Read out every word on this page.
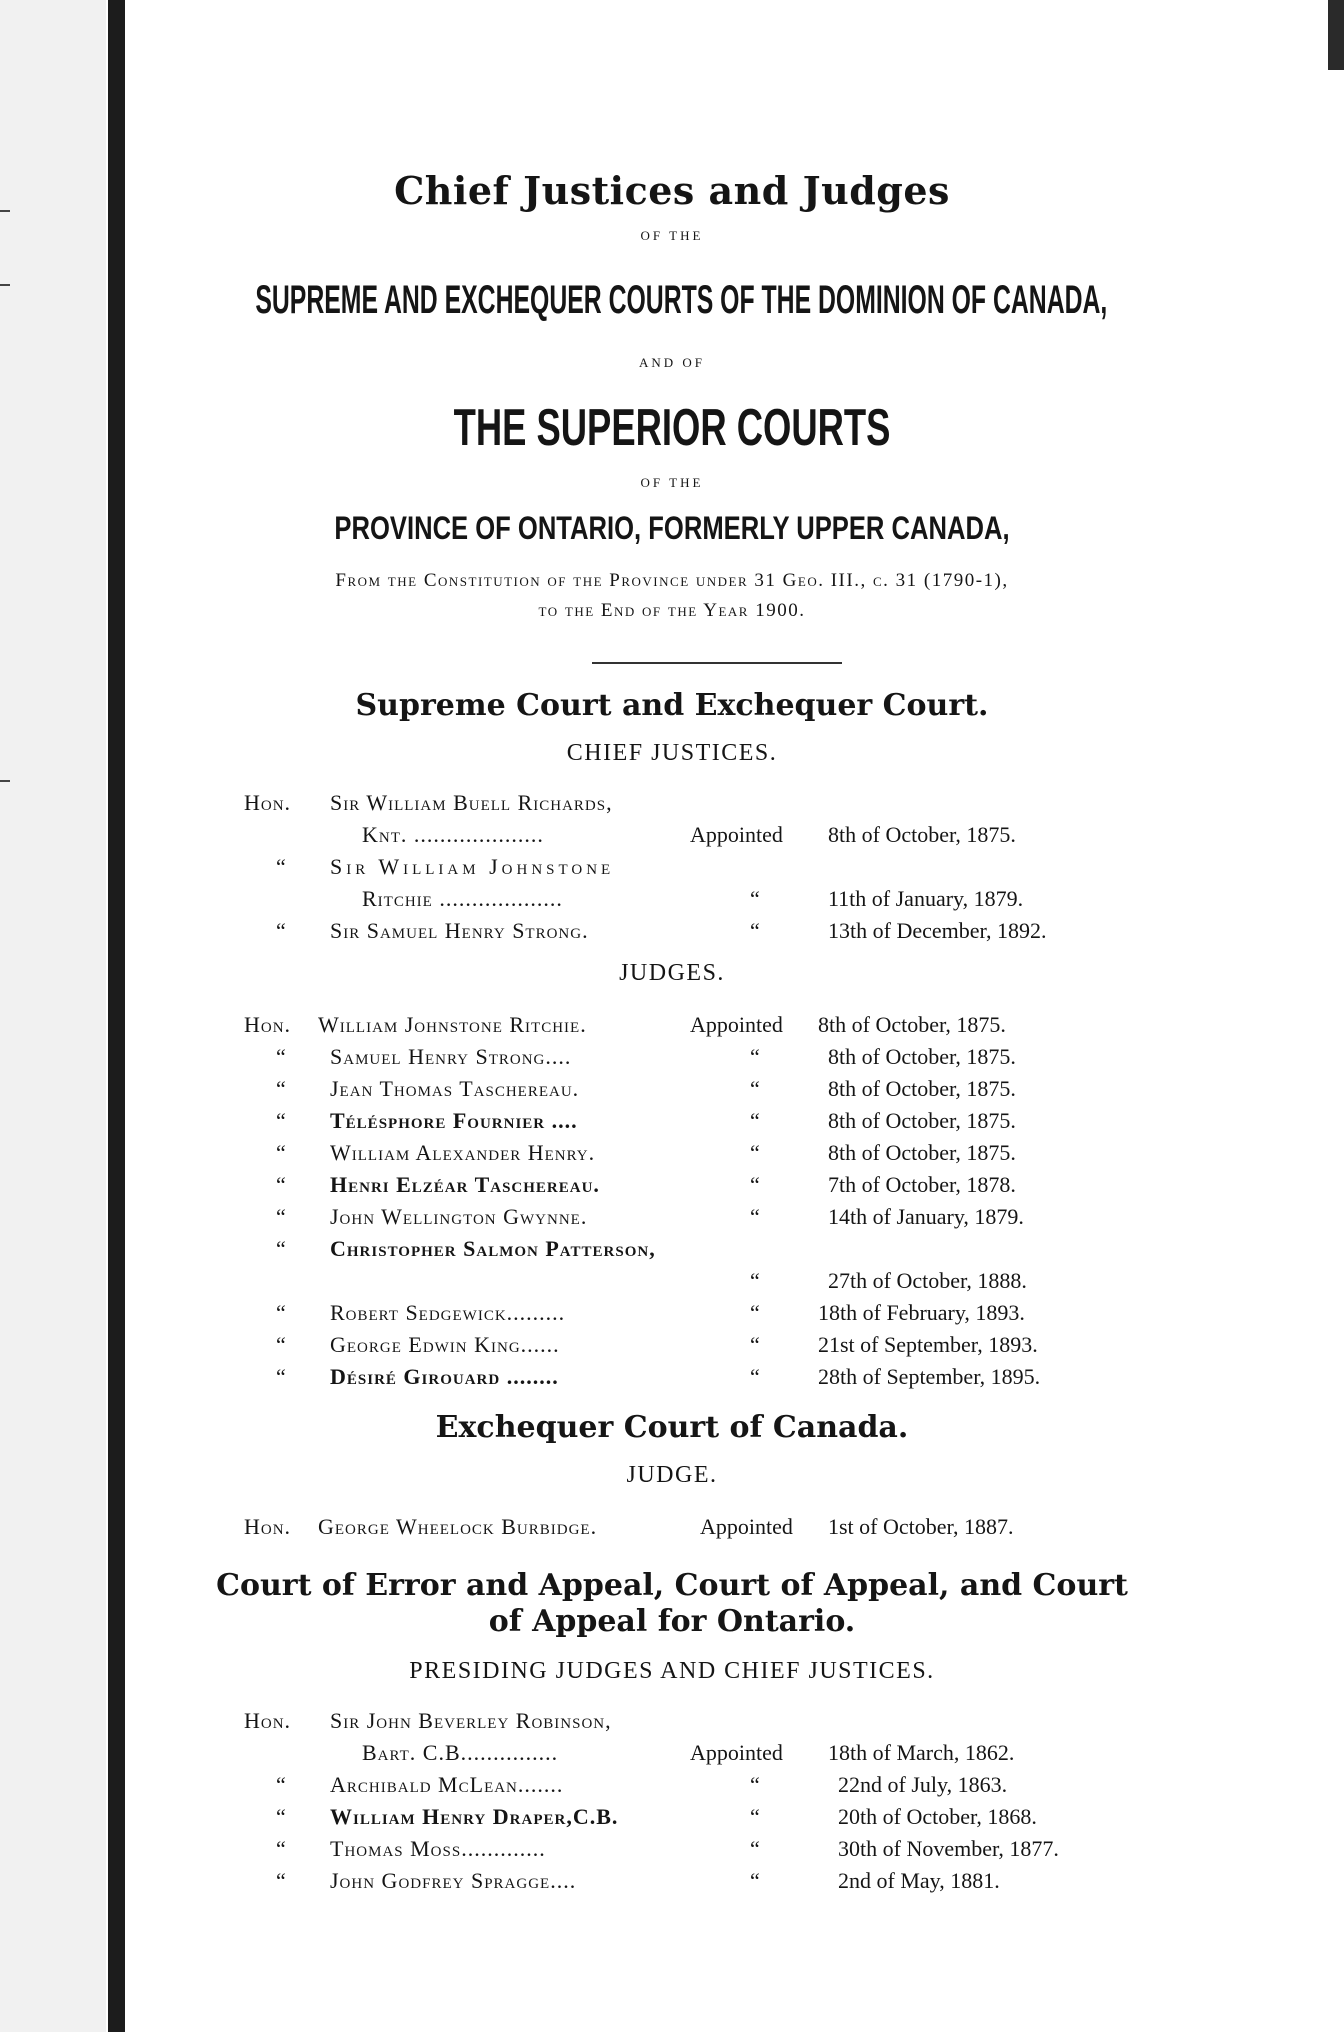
Chief Justices and Judges
OF THE
SUPREME AND EXCHEQUER COURTS OF THE DOMINION OF CANADA,
AND OF
THE SUPERIOR COURTS
OF THE
PROVINCE OF ONTARIO, FORMERLY UPPER CANADA,
From the Constitution of the Province under 31 Geo. III., c. 31 (1790-1),
to the End of the Year 1900.
Supreme Court and Exchequer Court.
CHIEF JUSTICES.
Hon. Sir William Buell Richards,
Knt. ....................	Appointed 8th of October, 1875.
“ Sir William Johnstone
Ritchie ...................	“	11th of January, 1879.
“ Sir Samuel Henry Strong.	“	13th of December, 1892.
JUDGES.
Hon. William Johnstone Ritchie.	Appointed 8th of October, 1875.
“ Samuel Henry Strong....	“	8th of October, 1875.
“ Jean Thomas Taschereau.	“	8th of October, 1875.
“ Télésphore Fournier ....	“	8th of October, 1875.
“ William Alexander Henry.	“	8th of October, 1875.
“ Henri Elzéar Taschereau.	“	7th of October, 1878.
“ John Wellington Gwynne.	“	14th of January, 1879.
“ Christopher Salmon Patterson,
“	27th of October, 1888.
“ Robert Sedgewick.........	“	18th of February, 1893.
“ George Edwin King......	“	21st of September, 1893.
“ Désiré Girouard ........	“	28th of September, 1895.
Exchequer Court of Canada.
JUDGE.
Hon. George Wheelock Burbidge.	Appointed 1st of October, 1887.
Court of Error and Appeal, Court of Appeal, and Court
of Appeal for Ontario.
PRESIDING JUDGES AND CHIEF JUSTICES.
Hon. Sir John Beverley Robinson,
Bart. C.B...............	Appointed 18th of March, 1862.
“ Archibald McLean.......	“	22nd of July, 1863.
“ William Henry Draper,C.B.	“	20th of October, 1868.
“ Thomas Moss.............	“	30th of November, 1877.
“ John Godfrey Spragge....	“	2nd of May, 1881.
